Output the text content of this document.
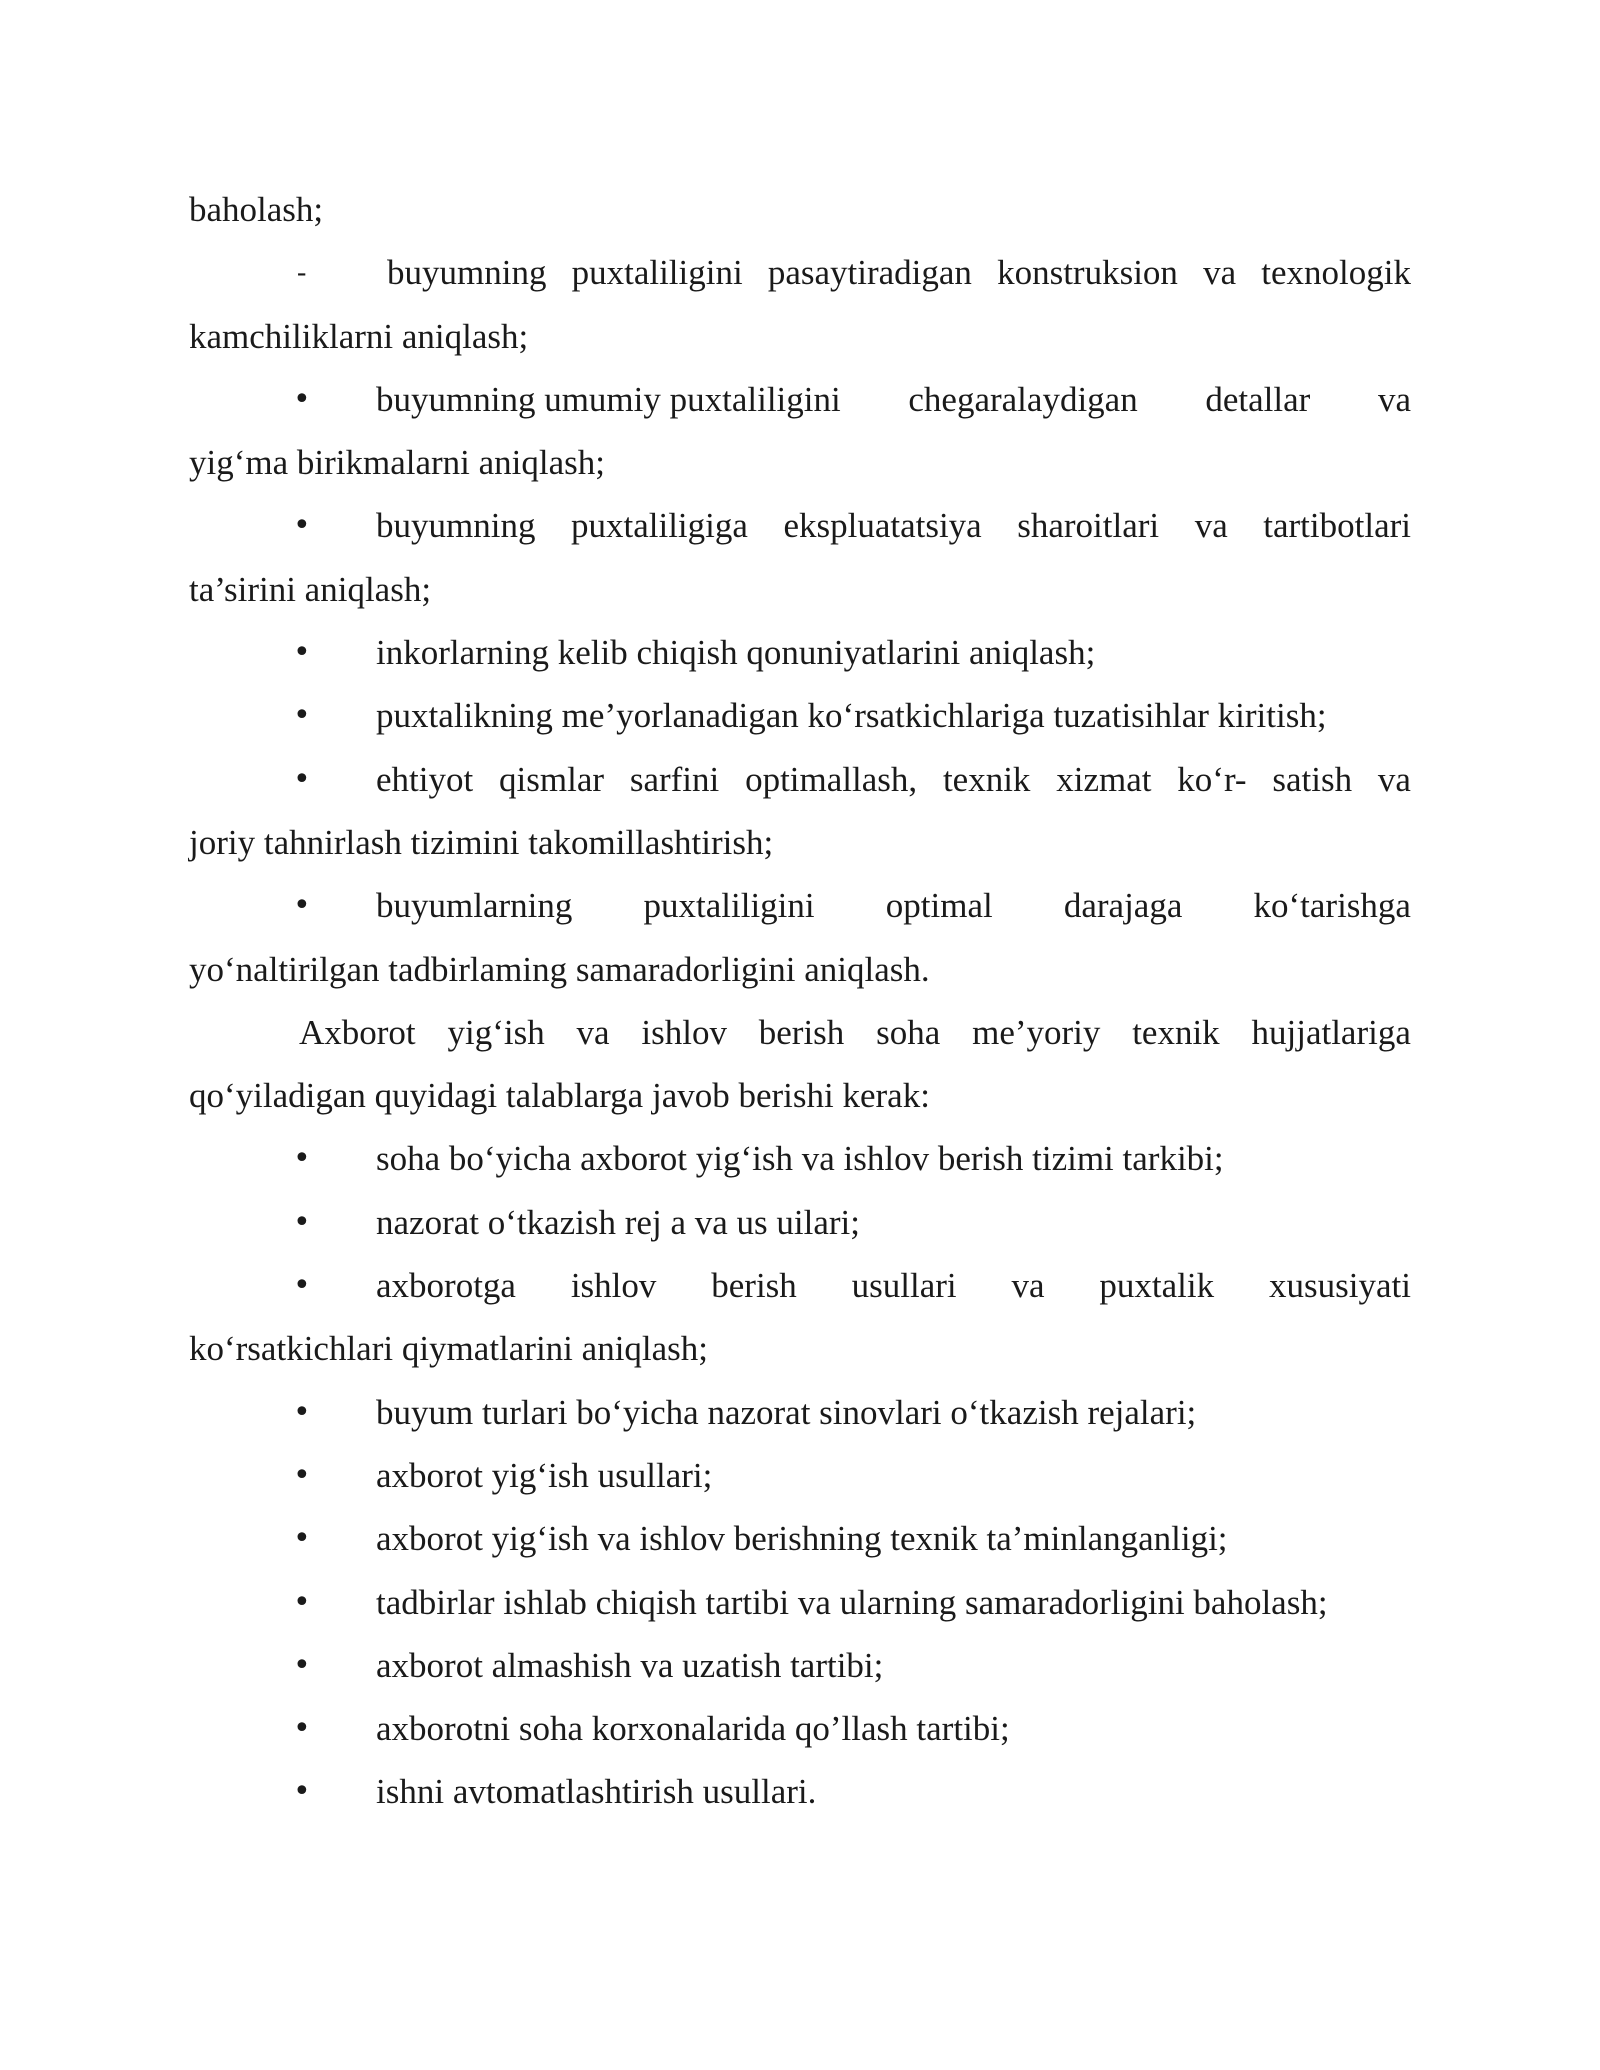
baholash;
- buyumning puxtaliligini pasaytiradigan konstruksion va texnologik
kamchiliklarni aniqlash;
•	buyumning umumiy puxtaliligini chegaralaydigan detallar va
yig‘ma birikmalarni aniqlash;
•	buyumning puxtaliligiga ekspluatatsiya sharoitlari va tartibotlari
ta’sirini aniqlash;
•	inkorlarning kelib chiqish qonuniyatlarini aniqlash;
•	puxtalikning me’yorlanadigan ko‘rsatkichlariga tuzatisihlar kiritish;
•	ehtiyot qismlar sarfini optimallash, texnik xizmat ko‘r- satish va
joriy tahnirlash tizimini takomillashtirish;
•	buyumlarning puxtaliligini optimal darajaga ko‘tarishga
yo‘naltirilgan tadbirlaming samaradorligini aniqlash.
Axborot yig‘ish va ishlov berish soha me’yoriy texnik hujjatlariga
qo‘yiladigan quyidagi talablarga javob berishi kerak:
•	soha bo‘yicha axborot yig‘ish va ishlov berish tizimi tarkibi;
•	nazorat o‘tkazish rej a va us uilari;
•	axborotga ishlov berish usullari va puxtalik xususiyati
ko‘rsatkichlari qiymatlarini aniqlash;
•	buyum turlari bo‘yicha nazorat sinovlari o‘tkazish rejalari;
•	axborot yig‘ish usullari;
•	axborot yig‘ish va ishlov berishning texnik ta’minlanganligi;
•	tadbirlar ishlab chiqish tartibi va ularning samaradorligini baholash;
•	axborot almashish va uzatish tartibi;
•	axborotni soha korxonalarida qo’llash tartibi;
•	ishni avtomatlashtirish usullari.
